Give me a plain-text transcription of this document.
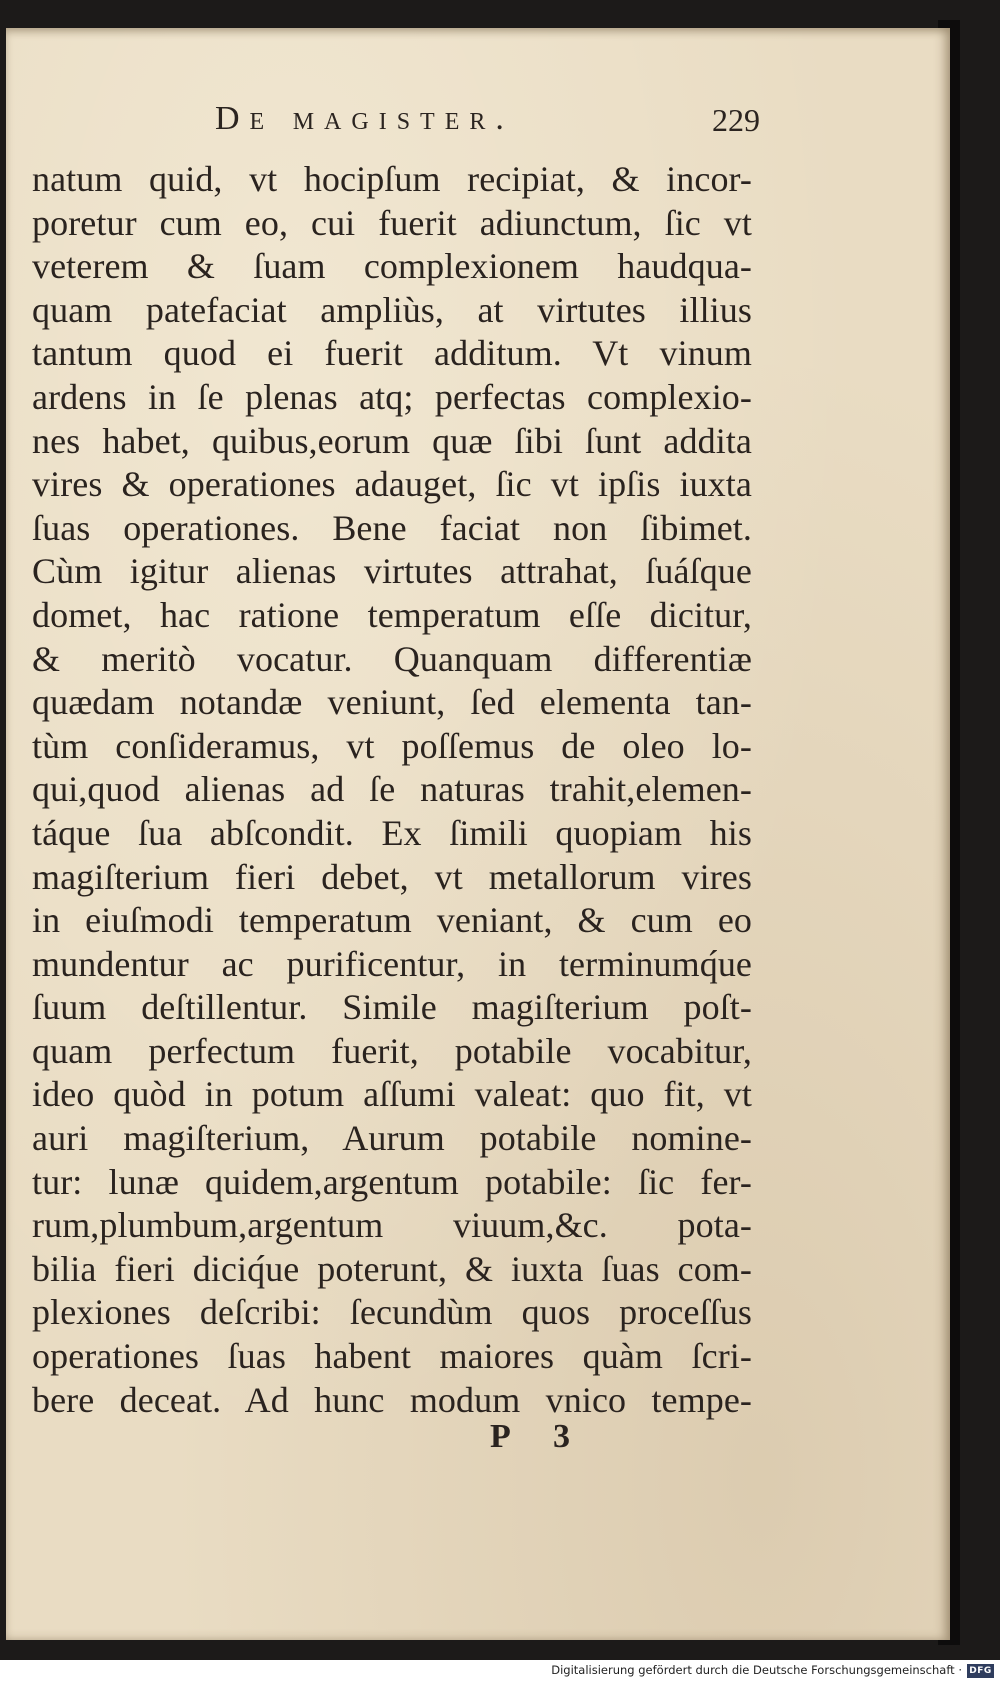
De magister.	229
natum quid, vt hocipſum recipiat, & incor-
poretur cum eo, cui fuerit adiunctum, ſic vt
veterem & ſuam complexionem haudqua-
quam patefaciat ampliùs, at virtutes illius
tantum quod ei fuerit additum. Vt vinum
ardens in ſe plenas atq; perfectas complexio-
nes habet, quibus,eorum quæ ſibi ſunt addita
vires & operationes adauget, ſic vt ipſis iuxta
ſuas operationes. Bene faciat non ſibimet.
Cùm igitur alienas virtutes attrahat, ſuáſque
domet, hac ratione temperatum eſſe dicitur,
& meritò vocatur. Quanquam differentiæ
quædam notandæ veniunt, ſed elementa tan-
tùm conſideramus, vt poſſemus de oleo lo-
qui,quod alienas ad ſe naturas trahit,elemen-
táque ſua abſcondit. Ex ſimili quopiam his
magiſterium fieri debet, vt metallorum vires
in eiuſmodi temperatum veniant, & cum eo
mundentur ac purificentur, in terminumq́ue
ſuum deſtillentur. Simile magiſterium poſt-
quam perfectum fuerit, potabile vocabitur,
ideo quòd in potum aſſumi valeat: quo fit, vt
auri magiſterium, Aurum potabile nomine-
tur: lunæ quidem,argentum potabile: ſic fer-
rum,plumbum,argentum viuum,&c. pota-
bilia fieri diciq́ue poterunt, & iuxta ſuas com-
plexiones deſcribi: ſecundùm quos proceſſus
operationes ſuas habent maiores quàm ſcri-
bere deceat. Ad hunc modum vnico tempe-
P 3
Digitalisierung gefördert durch die Deutsche Forschungsgemeinschaft · DFG
